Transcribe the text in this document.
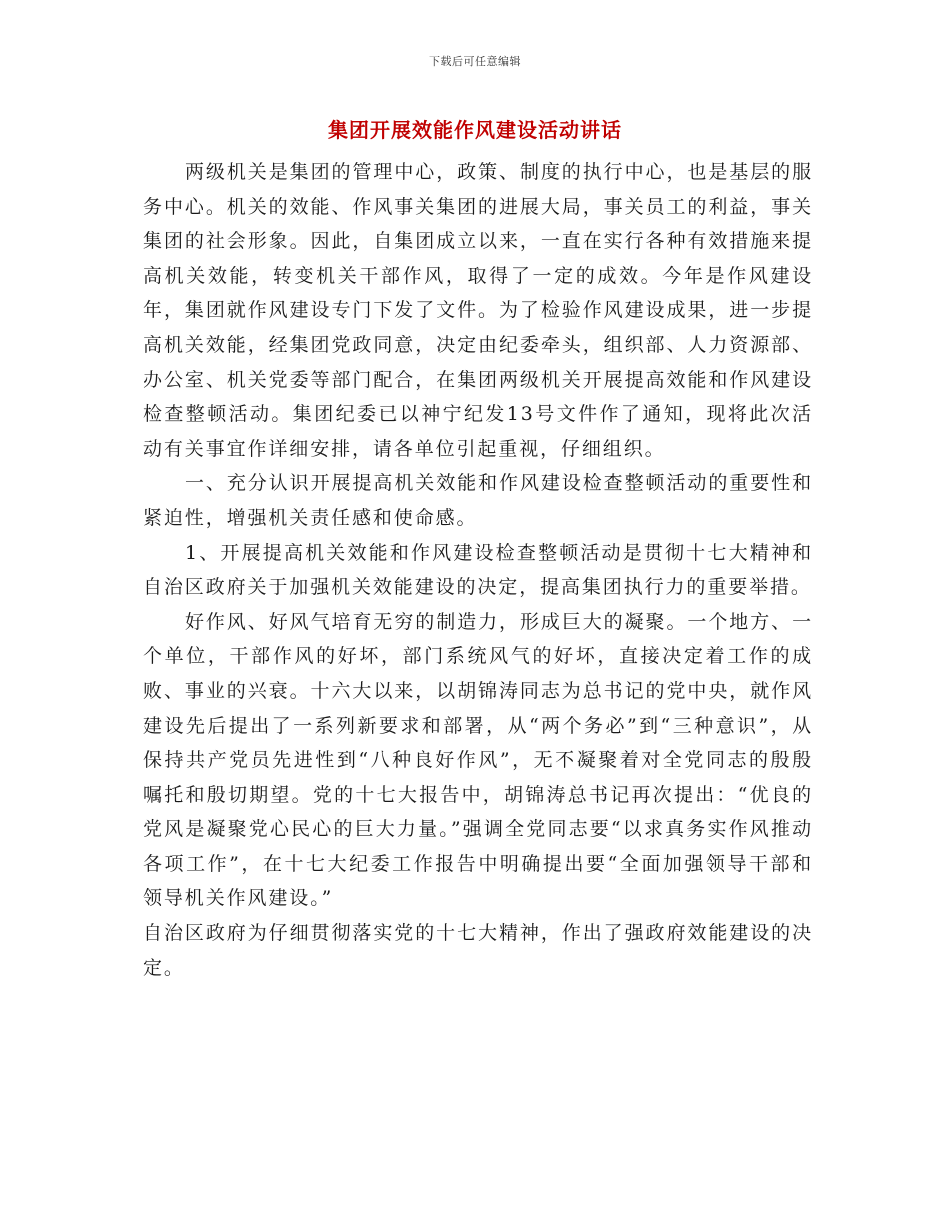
下载后可任意编辑
集团开展效能作风建设活动讲话

两级机关是集团的管理中心，政策、制度的执行中心，也是基层的服务中心。机关的效能、作风事关集团的进展大局，事关员工的利益，事关集团的社会形象。因此，自集团成立以来，一直在实行各种有效措施来提高机关效能，转变机关干部作风，取得了一定的成效。今年是作风建设年，集团就作风建设专门下发了文件。为了检验作风建设成果，进一步提高机关效能，经集团党政同意，决定由纪委牵头，组织部、人力资源部、办公室、机关党委等部门配合，在集团两级机关开展提高效能和作风建设检查整顿活动。集团纪委已以神宁纪发13号文件作了通知，现将此次活动有关事宜作详细安排，请各单位引起重视，仔细组织。

一、充分认识开展提高机关效能和作风建设检查整顿活动的重要性和紧迫性，增强机关责任感和使命感。

1、开展提高机关效能和作风建设检查整顿活动是贯彻十七大精神和自治区政府关于加强机关效能建设的决定，提高集团执行力的重要举措。

好作风、好风气培育无穷的制造力，形成巨大的凝聚。一个地方、一个单位，干部作风的好坏，部门系统风气的好坏，直接决定着工作的成败、事业的兴衰。十六大以来，以胡锦涛同志为总书记的党中央，就作风建设先后提出了一系列新要求和部署，从“两个务必”到“三种意识”，从保持共产党员先进性到“八种良好作风”，无不凝聚着对全党同志的殷殷嘱托和殷切期望。党的十七大报告中，胡锦涛总书记再次提出：“优良的党风是凝聚党心民心的巨大力量。”强调全党同志要“以求真务实作风推动各项工作”，在十七大纪委工作报告中明确提出要“全面加强领导干部和领导机关作风建设。”

自治区政府为仔细贯彻落实党的十七大精神，作出了强政府效能建设的决定。
